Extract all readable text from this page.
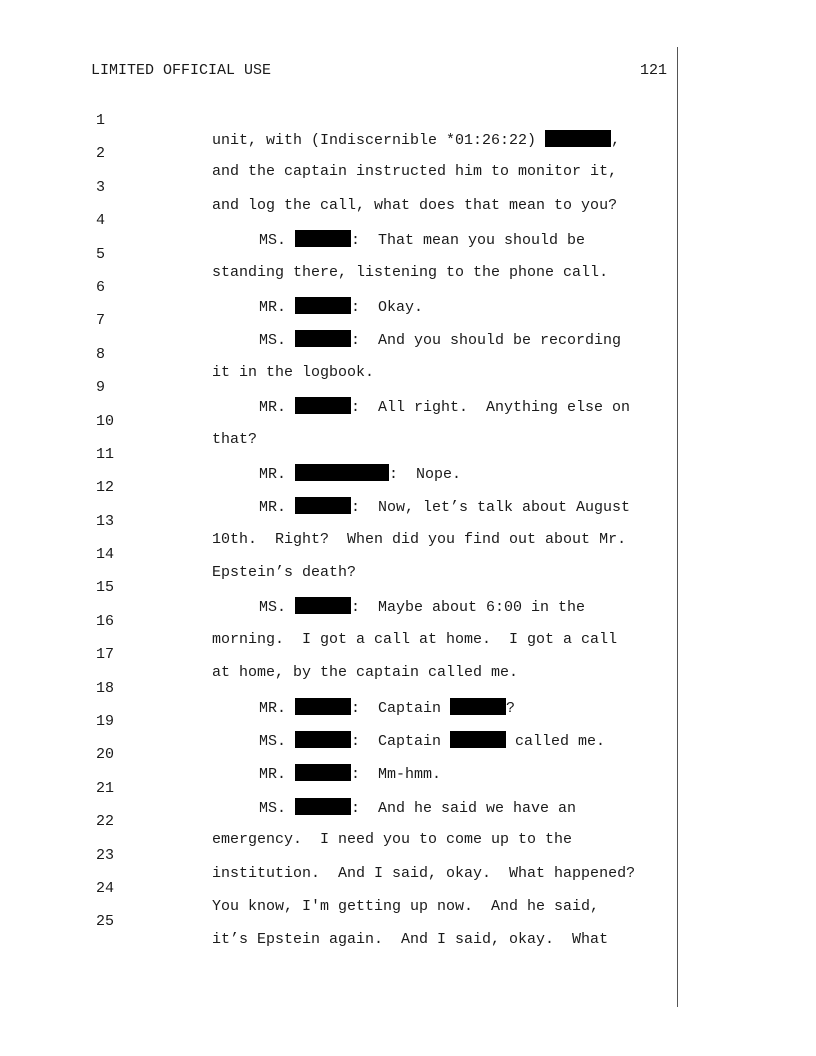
LIMITED OFFICIAL USE

	121

1

unit, with (Indiscernible *01:26:22)	,

2

and the captain instructed him to monitor it,

3

and log the call, what does that mean to you?

4

MS.	:  That mean you should be

5

standing there, listening to the phone call.

6

MR.	:  Okay.

7

MS.	:  And you should be recording

8

it in the logbook.

9

MR.	:  All right.  Anything else on

10

that?

11

MR.	:  Nope.

12

MR.	:  Now, let’s talk about August

13

10th.  Right?  When did you find out about Mr.

14

Epstein’s death?

15

MS.	:  Maybe about 6:00 in the

16

morning.  I got a call at home.  I got a call

17

at home, by the captain called me.

18

MR.	:  Captain	?

19

MS.	:  Captain	called me.

20

MR.	:  Mm-hmm.

21

MS.	:  And he said we have an

22

emergency.  I need you to come up to the

23

institution.  And I said, okay.  What happened?

24

You know, I'm getting up now.  And he said,

25

it’s Epstein again.  And I said, okay.  What
